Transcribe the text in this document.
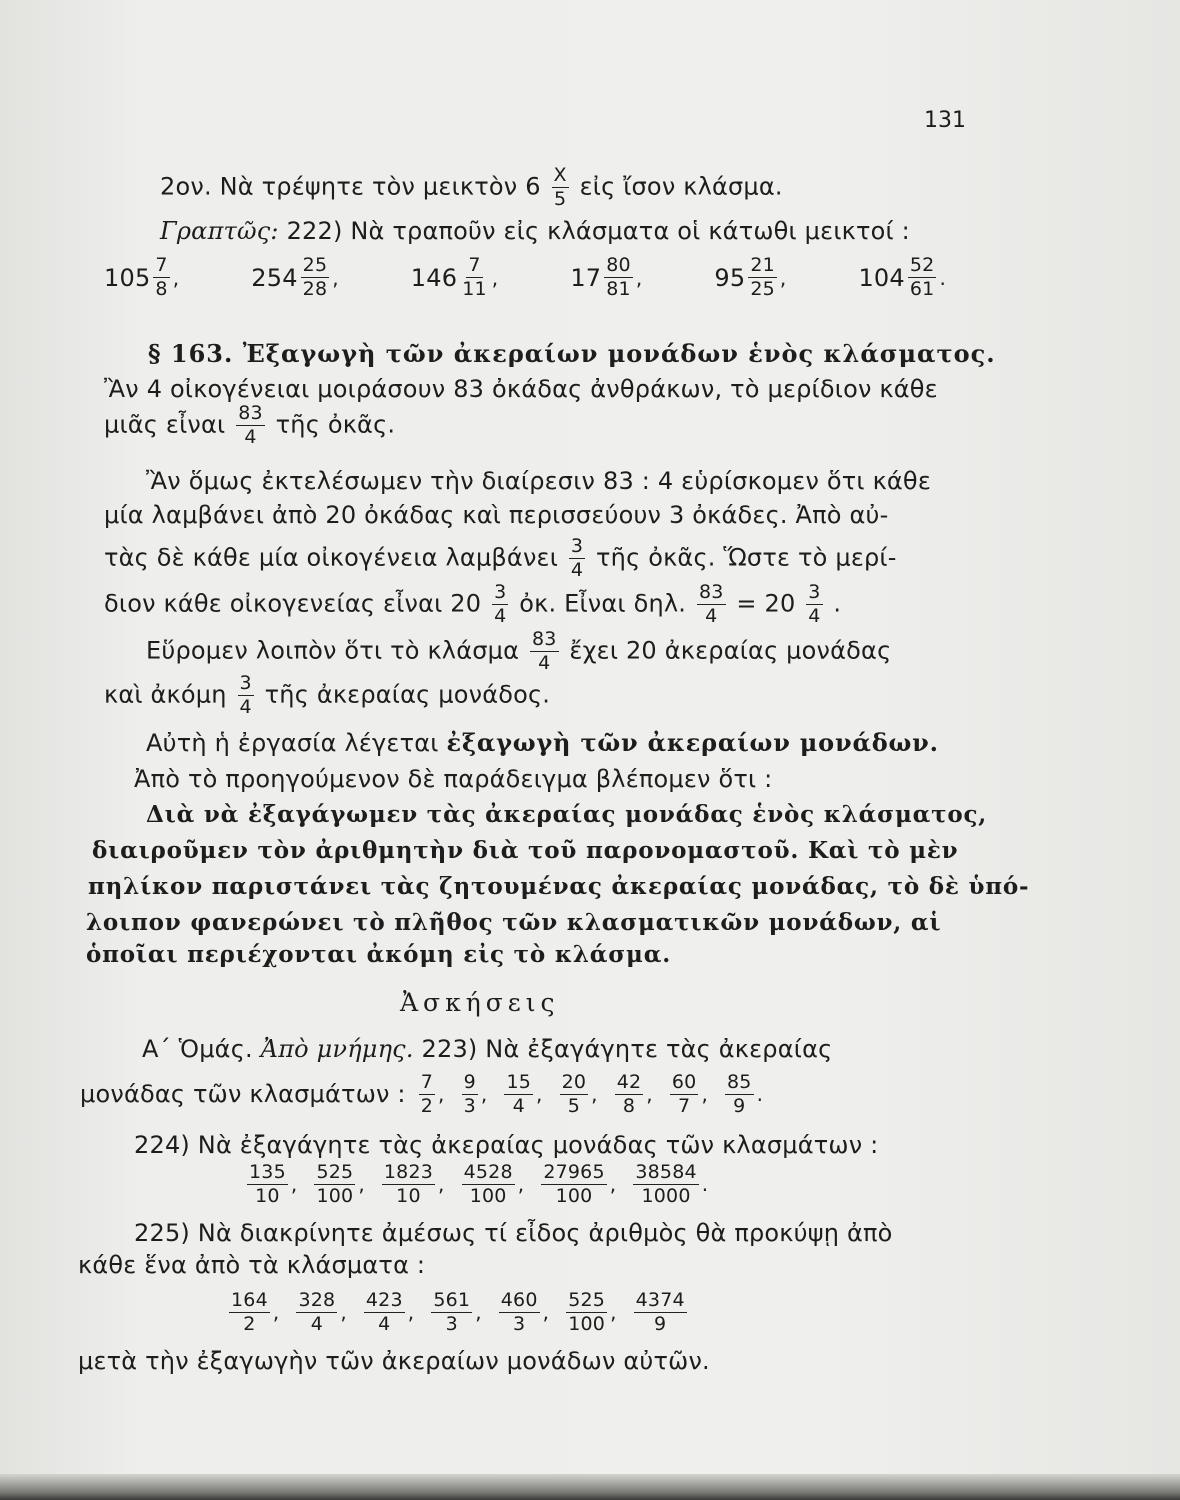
131
2ον. Νὰ τρέψητε τὸν μεικτὸν $6 \frac{X}{5}$ εἰς ἴσον κλάσμα.
Γραπτῶς: 222) Νὰ τραποῦν εἰς κλάσματα οἱ κάτωθι μεικτοί :
$105 \frac{7}{8}$ ,	$254 \frac{25}{28}$ ,	$146 \frac{7}{11}$ ,	$17 \frac{80}{81}$ ,	$95 \frac{21}{25}$ ,	$104 \frac{52}{61}$ .
§ 163. Ἐξαγωγὴ τῶν ἀκεραίων μονάδων ἑνὸς κλάσματος.
Ἂν 4 οἰκογένειαι μοιράσουν 83 ὀκάδας ἀνθράκων, τὸ μερίδιον κάθε
μιᾶς εἶναι $\frac{83}{4}$ τῆς ὀκᾶς.
Ἂν ὅμως ἐκτελέσωμεν τὴν διαίρεσιν 83 : 4 εὑρίσκομεν ὅτι κάθε
μία λαμβάνει ἀπὸ 20 ὀκάδας καὶ περισσεύουν 3 ὀκάδες. Ἀπὸ αὐ-
τὰς δὲ κάθε μία οἰκογένεια λαμβάνει $\frac{3}{4}$ τῆς ὀκᾶς. Ὥστε τὸ μερί-
διον κάθε οἰκογενείας εἶναι $20 \frac{3}{4}$ ὀκ. Εἶναι δηλ. $\frac{83}{4} = 20 \frac{3}{4}$ .
Εὕρομεν λοιπὸν ὅτι τὸ κλάσμα $\frac{83}{4}$ ἔχει 20 ἀκεραίας μονάδας
καὶ ἀκόμη $\frac{3}{4}$ τῆς ἀκεραίας μονάδος.
Αὐτὴ ἡ ἐργασία λέγεται ἐξαγωγὴ τῶν ἀκεραίων μονάδων.
Ἀπὸ τὸ προηγούμενον δὲ παράδειγμα βλέπομεν ὅτι :
Διὰ νὰ ἐξαγάγωμεν τὰς ἀκεραίας μονάδας ἑνὸς κλάσματος,
διαιροῦμεν τὸν ἀριθμητὴν διὰ τοῦ παρονομαστοῦ. Καὶ τὸ μὲν
πηλίκον παριστάνει τὰς ζητουμένας ἀκεραίας μονάδας, τὸ δὲ ὑπό-
λοιπον φανερώνει τὸ πλῆθος τῶν κλασματικῶν μονάδων, αἱ
ὁποῖαι περιέχονται ἀκόμη εἰς τὸ κλάσμα.
Ἀσκήσεις
Α΄ Ὁμάς. Ἀπὸ μνήμης. 223) Νὰ ἐξαγάγητε τὰς ἀκεραίας
μονάδας τῶν κλασμάτων : $\frac{7}{2}$ , $\frac{9}{3}$ , $\frac{15}{4}$ , $\frac{20}{5}$ , $\frac{42}{8}$ , $\frac{60}{7}$ , $\frac{85}{9}$ .
224) Νὰ ἐξαγάγητε τὰς ἀκεραίας μονάδας τῶν κλασμάτων :
$\frac{135}{10}$ , $\frac{525}{100}$ , $\frac{1823}{10}$ , $\frac{4528}{100}$ , $\frac{27965}{100}$ , $\frac{38584}{1000}$ .
225) Νὰ διακρίνητε ἀμέσως τί εἶδος ἀριθμὸς θὰ προκύψῃ ἀπὸ
κάθε ἕνα ἀπὸ τὰ κλάσματα :
$\frac{164}{2}$ , $\frac{328}{4}$ , $\frac{423}{4}$ , $\frac{561}{3}$ , $\frac{460}{3}$ , $\frac{525}{100}$ , $\frac{4374}{9}$
μετὰ τὴν ἐξαγωγὴν τῶν ἀκεραίων μονάδων αὐτῶν.
